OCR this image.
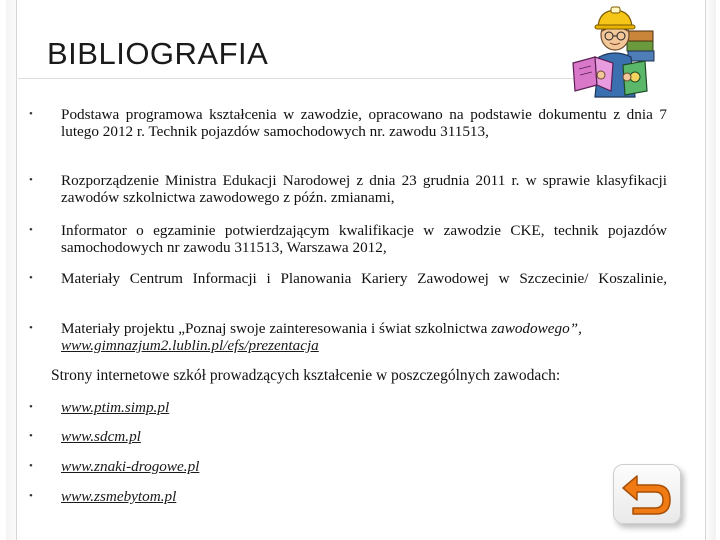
BIBLIOGRAFIA
• Podstawa programowa kształcenia w zawodzie, opracowano na podstawie dokumentu z dnia 7 lutego 2012 r. Technik pojazdów samochodowych nr. zawodu 311513,
• Rozporządzenie Ministra Edukacji Narodowej z dnia 23 grudnia 2011 r. w sprawie klasyfikacji zawodów szkolnictwa zawodowego z późn. zmianami,
• Informator o egzaminie potwierdzającym kwalifikacje w zawodzie CKE, technik pojazdów samochodowych nr zawodu 311513, Warszawa 2012,
• Materiały Centrum Informacji i Planowania Kariery Zawodowej w Szczecinie/ Koszalinie,
• Materiały projektu „Poznaj swoje zainteresowania i świat szkolnictwa zawodowego”,
www.gimnazjum2.lublin.pl/efs/prezentacja
Strony internetowe szkół prowadzących kształcenie w poszczególnych zawodach:
• www.ptim.simp.pl
• www.sdcm.pl
• www.znaki-drogowe.pl
• www.zsmebytom.pl
